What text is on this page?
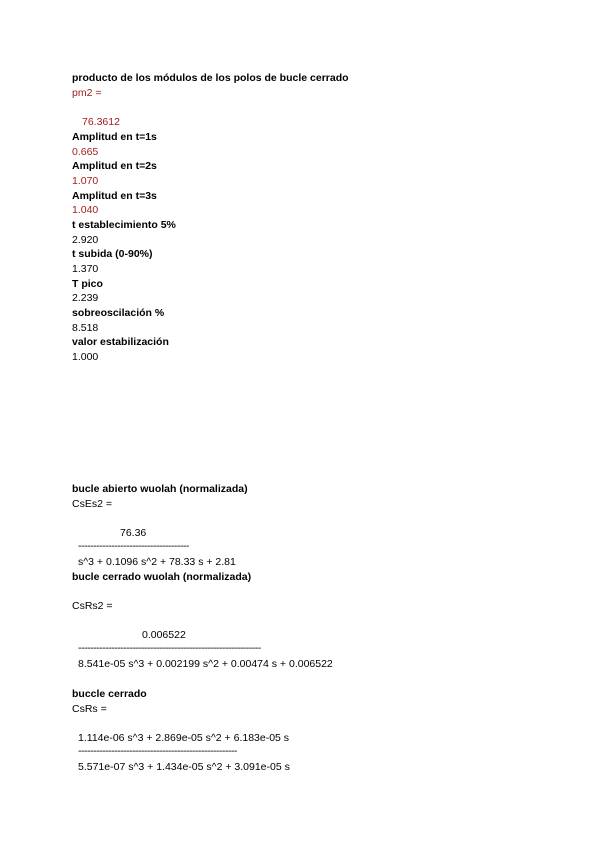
producto de los módulos de los polos de bucle cerrado
pm2 =
76.3612
Amplitud en t=1s
0.665
Amplitud en t=2s
1.070
Amplitud en t=3s
1.040
t establecimiento 5%
2.920
t subida (0-90%)
1.370
T pico
2.239
sobreoscilación %
8.518
valor estabilización
1.000
bucle abierto wuolah (normalizada)
CsEs2 =
76.36
-------------------------------------
s^3 + 0.1096 s^2 + 78.33 s + 2.81
bucle cerrado wuolah (normalizada)
CsRs2 =
0.006522
-------------------------------------------------------------
8.541e-05 s^3 + 0.002199 s^2 + 0.00474 s + 0.006522
buccle cerrado
CsRs =
1.114e-06 s^3 + 2.869e-05 s^2 + 6.183e-05 s
-----------------------------------------------------
5.571e-07 s^3 + 1.434e-05 s^2 + 3.091e-05 s
